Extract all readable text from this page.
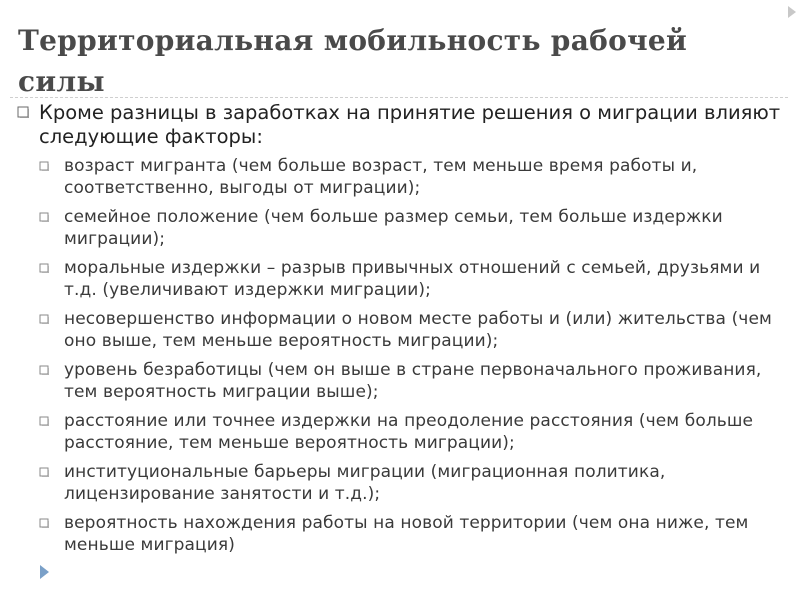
Территориальная мобильность рабочей силы
Кроме разницы в заработках на принятие решения о миграции влияют следующие факторы:
возраст мигранта (чем больше возраст, тем меньше время работы и, соответственно, выгоды от миграции);
семейное положение (чем больше размер семьи, тем больше издержки миграции);
моральные издержки – разрыв привычных отношений с семьей, друзьями и т.д. (увеличивают издержки миграции);
несовершенство информации о новом месте работы и (или) жительства (чем оно выше, тем меньше вероятность миграции);
уровень безработицы (чем он выше в стране первоначального проживания, тем вероятность миграции выше);
расстояние или точнее издержки на преодоление расстояния (чем больше расстояние, тем меньше вероятность миграции);
институциональные барьеры миграции (миграционная политика, лицензирование занятости и т.д.);
вероятность нахождения работы на новой территории (чем она ниже, тем меньше миграция)
